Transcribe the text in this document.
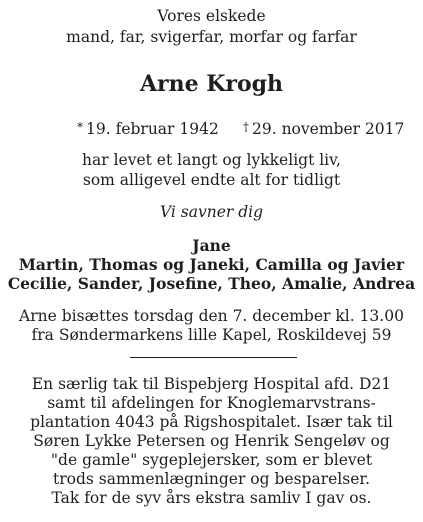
Vores elskede
mand, far, svigerfar, morfar og farfar
Arne Krogh
* 19. februar 1942 † 29. november 2017
har levet et langt og lykkeligt liv,
som alligevel endte alt for tidligt
Vi savner dig
Jane
Martin, Thomas og Janeki, Camilla og Javier
Cecilie, Sander, Josefine, Theo, Amalie, Andrea
Arne bisættes torsdag den 7. december kl. 13.00
fra Søndermarkens lille Kapel, Roskildevej 59
En særlig tak til Bispebjerg Hospital afd. D21
samt til afdelingen for Knoglemarvstrans-
plantation 4043 på Rigshospitalet. Især tak til
Søren Lykke Petersen og Henrik Sengeløv og
"de gamle" sygeplejersker, som er blevet
trods sammenlægninger og besparelser.
Tak for de syv års ekstra samliv I gav os.
